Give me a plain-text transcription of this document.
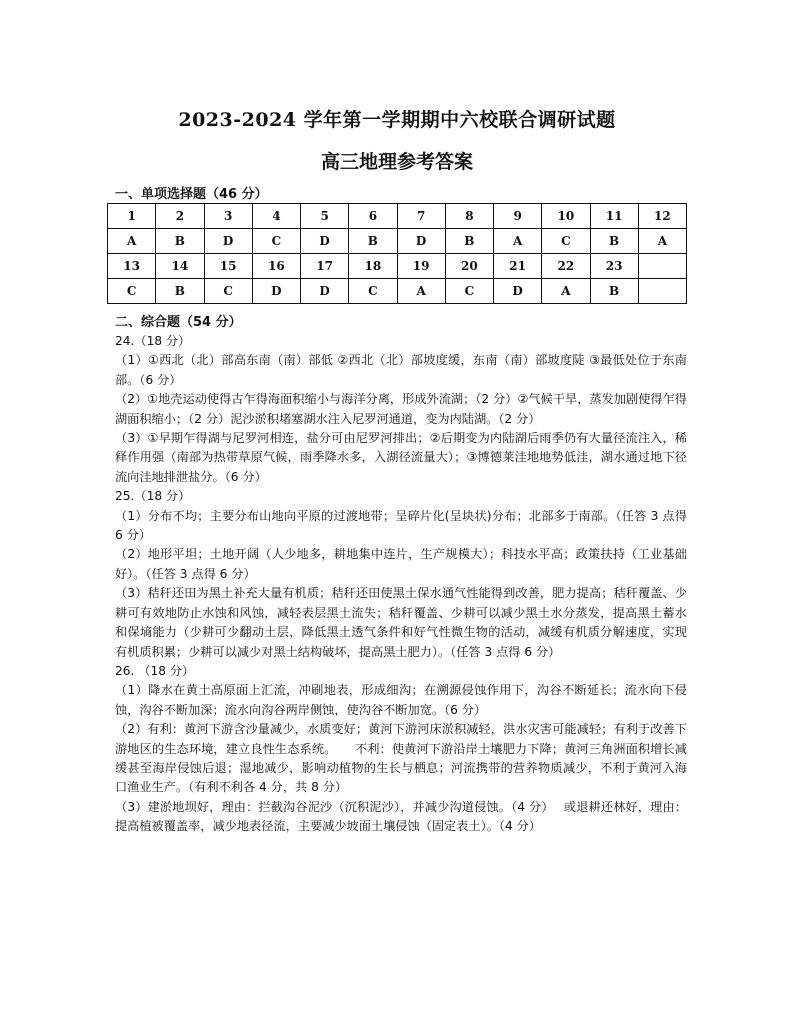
2023-2024 学年第一学期期中六校联合调研试题
高三地理参考答案
一、单项选择题（46 分）
1	2	3	4	5	6	7	8	9	10	11	12
A	B	D	C	D	B	D	B	A	C	B	A
13	14	15	16	17	18	19	20	21	22	23	
C	B	C	D	D	C	A	C	D	A	B	
二、综合题（54 分）

24.（18 分）

（1）①西北（北）部高东南（南）部低 ②西北（北）部坡度缓，东南（南）部坡度陡 ③最低处位于东南部。（6 分）

（2）①地壳运动使得古乍得海面积缩小与海洋分离，形成外流湖；（2 分）②气候干旱，蒸发加剧使得乍得湖面积缩小；（2 分）泥沙淤积堵塞湖水注入尼罗河通道，变为内陆湖。（2 分）

（3）①早期乍得湖与尼罗河相连，盐分可由尼罗河排出；②后期变为内陆湖后雨季仍有大量径流注入，稀释作用强（南部为热带草原气候，雨季降水多，入湖径流量大）；③博德莱洼地地势低洼，湖水通过地下径流向洼地排泄盐分。（6 分）

25.（18 分）

（1）分布不均；主要分布山地向平原的过渡地带；呈碎片化(呈块状)分布；北部多于南部。（任答 3 点得 6 分）

（2）地形平坦；土地开阔（人少地多，耕地集中连片，生产规模大）；科技水平高；政策扶持（工业基础好）。（任答 3 点得 6 分）

（3）秸秆还田为黑土补充大量有机质；秸秆还田使黑土保水通气性能得到改善，肥力提高；秸秆覆盖、少耕可有效地防止水蚀和风蚀，减轻表层黑土流失；秸秆覆盖、少耕可以减少黑土水分蒸发，提高黑土蓄水和保墒能力（少耕可少翻动土层，降低黑土透气条件和好气性微生物的活动，减缓有机质分解速度，实现有机质积累；少耕可以减少对黑土结构破坏，提高黑土肥力）。（任答 3 点得 6 分）

26. （18 分）

（1）降水在黄土高原面上汇流，冲刷地表，形成细沟；在溯源侵蚀作用下，沟谷不断延长；流水向下侵蚀，沟谷不断加深；流水向沟谷两岸侧蚀，使沟谷不断加宽。（6 分）

（2）有利：黄河下游含沙量减少，水质变好；黄河下游河床淤积减轻，洪水灾害可能减轻；有利于改善下游地区的生态环境，建立良性生态系统。　　不利：使黄河下游沿岸土壤肥力下降；黄河三角洲面积增长减缓甚至海岸侵蚀后退；湿地减少，影响动植物的生长与栖息；河流携带的营养物质减少，不利于黄河入海口渔业生产。（有利不利各 4 分，共 8 分）

（3）建淤地坝好，理由：拦截沟谷泥沙（沉积泥沙），并减少沟道侵蚀。（4 分）　 或退耕还林好，理由：提高植被覆盖率，减少地表径流，主要减少坡面土壤侵蚀（固定表土）。（4 分）
